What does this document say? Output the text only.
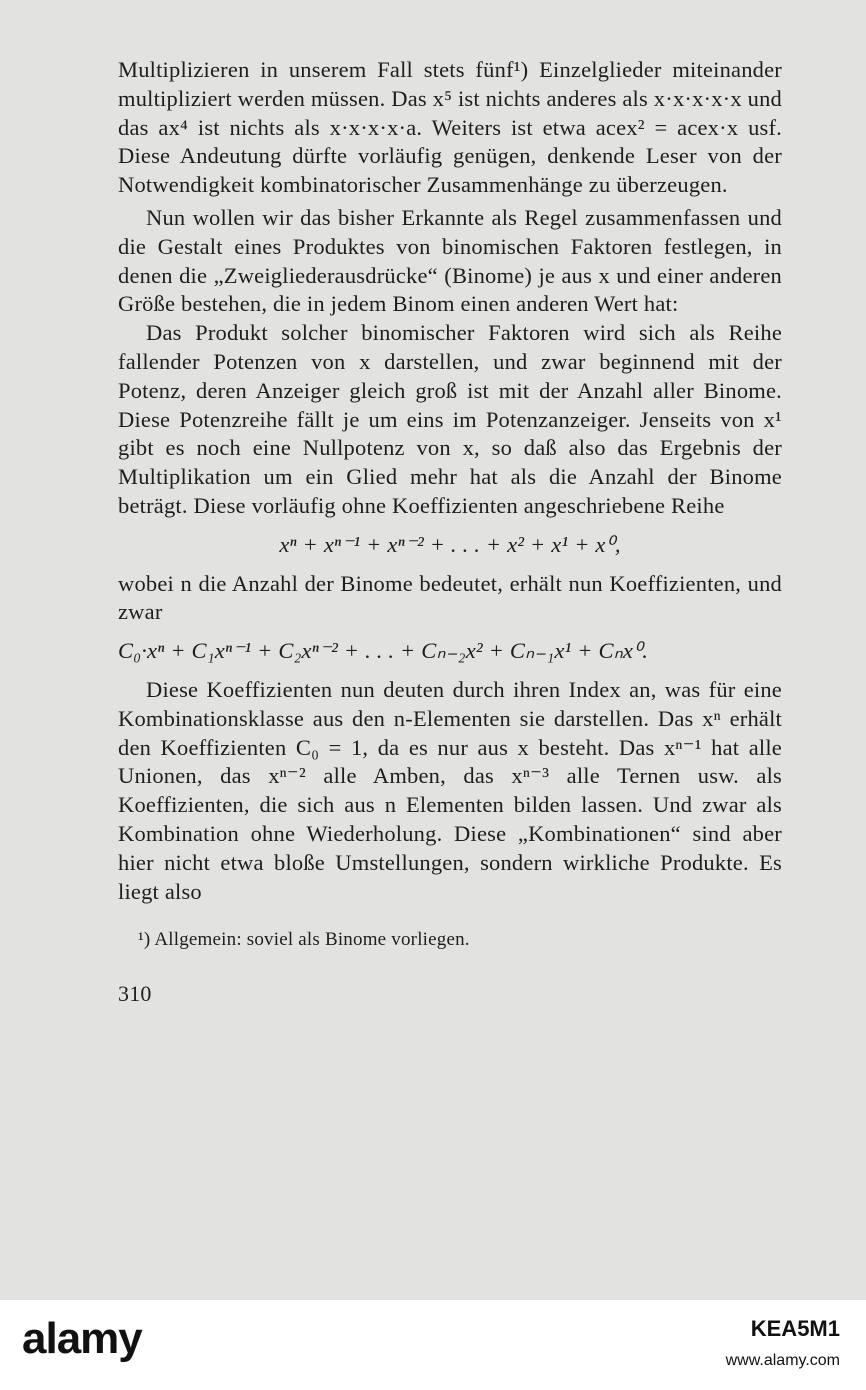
Multiplizieren in unserem Fall stets fünf¹) Einzelglieder miteinander multipliziert werden müssen. Das x⁵ ist nichts anderes als x·x·x·x·x und das ax⁴ ist nichts als x·x·x·x·a. Weiters ist etwa acex² = acex·x usf. Diese Andeutung dürfte vorläufig genügen, denkende Leser von der Notwendigkeit kombinatorischer Zusammenhänge zu überzeugen.

Nun wollen wir das bisher Erkannte als Regel zusammenfassen und die Gestalt eines Produktes von binomischen Faktoren festlegen, in denen die „Zweigliederausdrücke“ (Binome) je aus x und einer anderen Größe bestehen, die in jedem Binom einen anderen Wert hat:

Das Produkt solcher binomischer Faktoren wird sich als Reihe fallender Potenzen von x darstellen, und zwar beginnend mit der Potenz, deren Anzeiger gleich groß ist mit der Anzahl aller Binome. Diese Potenzreihe fällt je um eins im Potenzanzeiger. Jenseits von x¹ gibt es noch eine Nullpotenz von x, so daß also das Ergebnis der Multiplikation um ein Glied mehr hat als die Anzahl der Binome beträgt. Diese vorläufig ohne Koeffizienten angeschriebene Reihe

xⁿ + xⁿ⁻¹ + xⁿ⁻² + . . . + x² + x¹ + x⁰,

wobei n die Anzahl der Binome bedeutet, erhält nun Koeffizienten, und zwar

C₀·xⁿ + C₁xⁿ⁻¹ + C₂xⁿ⁻² + . . . + Cₙ₋₂x² + Cₙ₋₁x¹ + Cₙx⁰.

Diese Koeffizienten nun deuten durch ihren Index an, was für eine Kombinationsklasse aus den n-Elementen sie darstellen. Das xⁿ erhält den Koeffizienten C₀ = 1, da es nur aus x besteht. Das xⁿ⁻¹ hat alle Unionen, das xⁿ⁻² alle Amben, das xⁿ⁻³ alle Ternen usw. als Koeffizienten, die sich aus n Elementen bilden lassen. Und zwar als Kombination ohne Wiederholung. Diese „Kombinationen“ sind aber hier nicht etwa bloße Umstellungen, sondern wirkliche Produkte. Es liegt also

¹) Allgemein: soviel als Binome vorliegen.
310
alamy	KEA5M1
www.alamy.com
